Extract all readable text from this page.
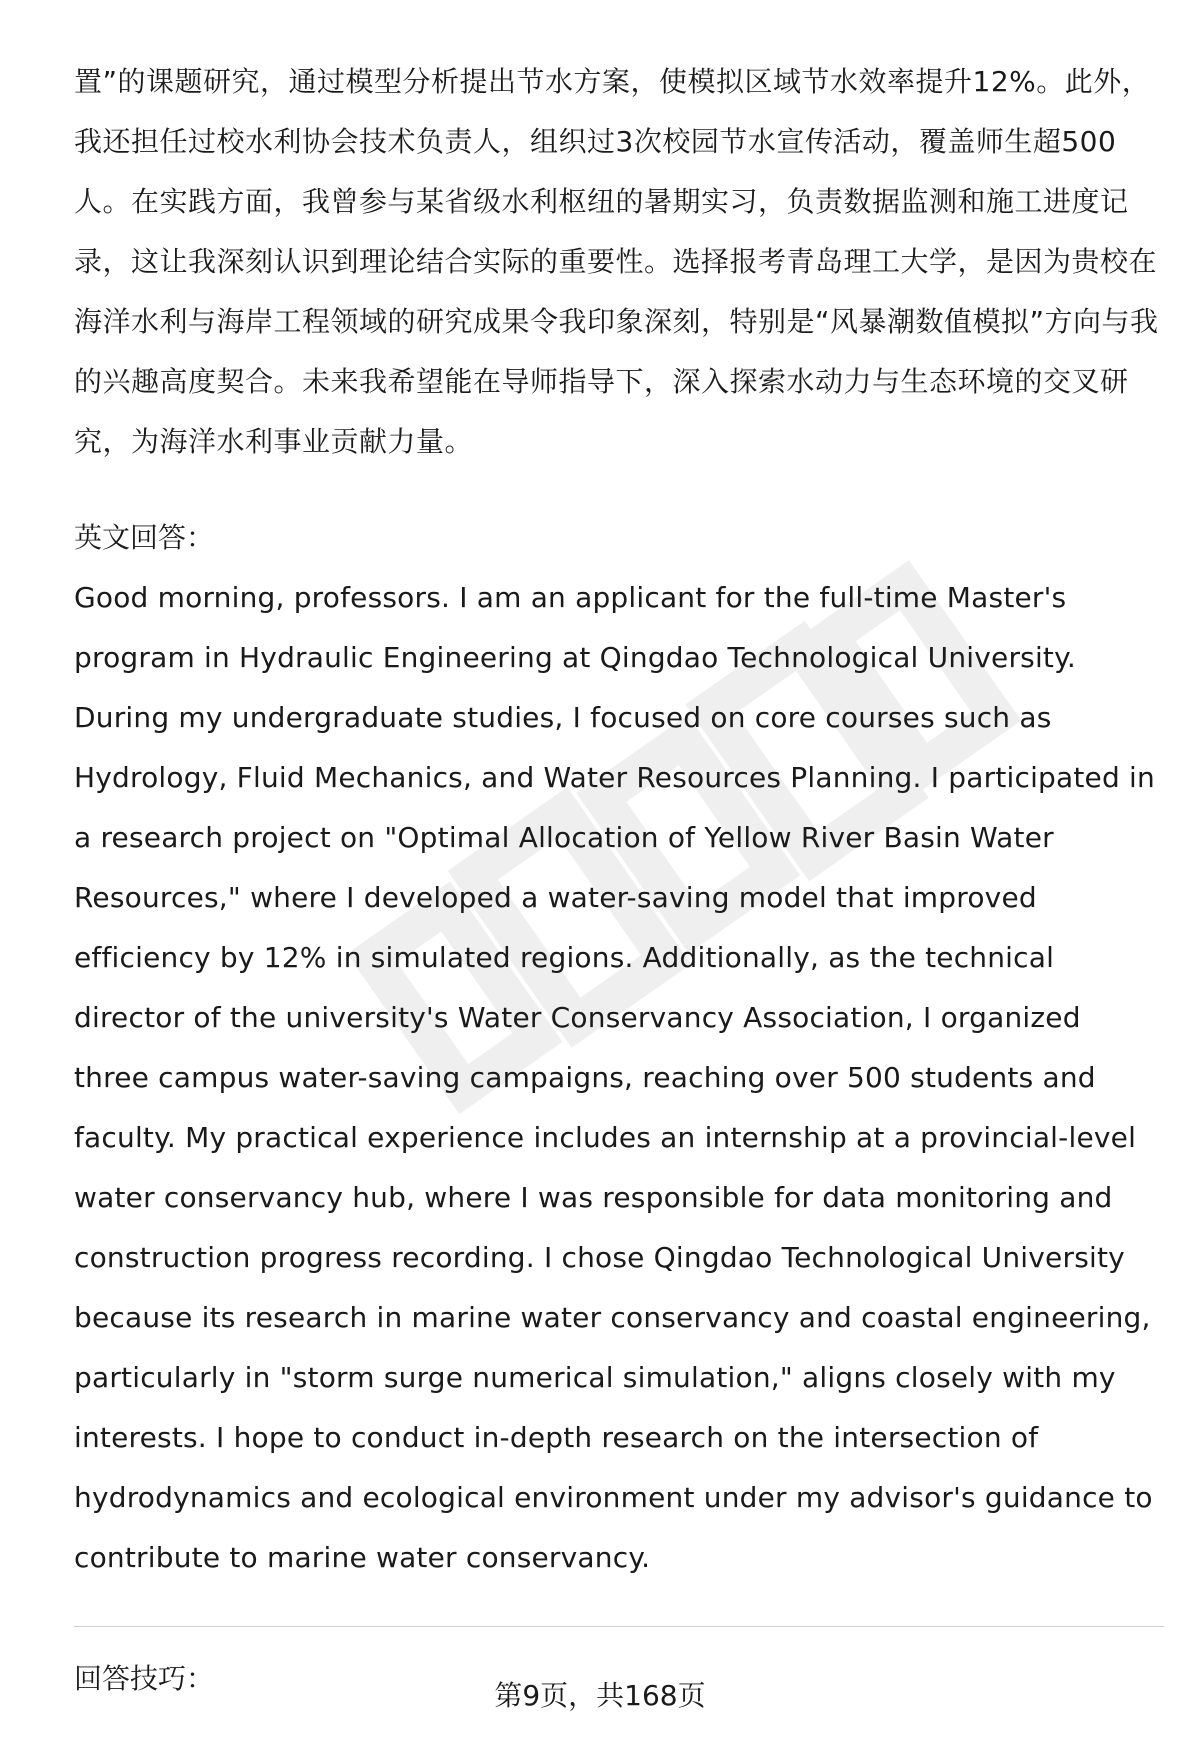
置”的课题研究，通过模型分析提出节水方案，使模拟区域节水效率提升12%。此外，我还担任过校水利协会技术负责人，组织过3次校园节水宣传活动，覆盖师生超500人。在实践方面，我曾参与某省级水利枢纽的暑期实习，负责数据监测和施工进度记录，这让我深刻认识到理论结合实际的重要性。选择报考青岛理工大学，是因为贵校在海洋水利与海岸工程领域的研究成果令我印象深刻，特别是“风暴潮数值模拟”方向与我的兴趣高度契合。未来我希望能在导师指导下，深入探索水动力与生态环境的交叉研究，为海洋水利事业贡献力量。

英文回答：

Good morning, professors. I am an applicant for the full-time Master's program in Hydraulic Engineering at Qingdao Technological University. During my undergraduate studies, I focused on core courses such as Hydrology, Fluid Mechanics, and Water Resources Planning. I participated in a research project on "Optimal Allocation of Yellow River Basin Water Resources," where I developed a water-saving model that improved efficiency by 12% in simulated regions. Additionally, as the technical director of the university's Water Conservancy Association, I organized three campus water-saving campaigns, reaching over 500 students and faculty. My practical experience includes an internship at a provincial-level water conservancy hub, where I was responsible for data monitoring and construction progress recording. I chose Qingdao Technological University because its research in marine water conservancy and coastal engineering, particularly in "storm surge numerical simulation," aligns closely with my interests. I hope to conduct in-depth research on the intersection of hydrodynamics and ecological environment under my advisor's guidance to contribute to marine water conservancy.

回答技巧：

第9页，共168页
